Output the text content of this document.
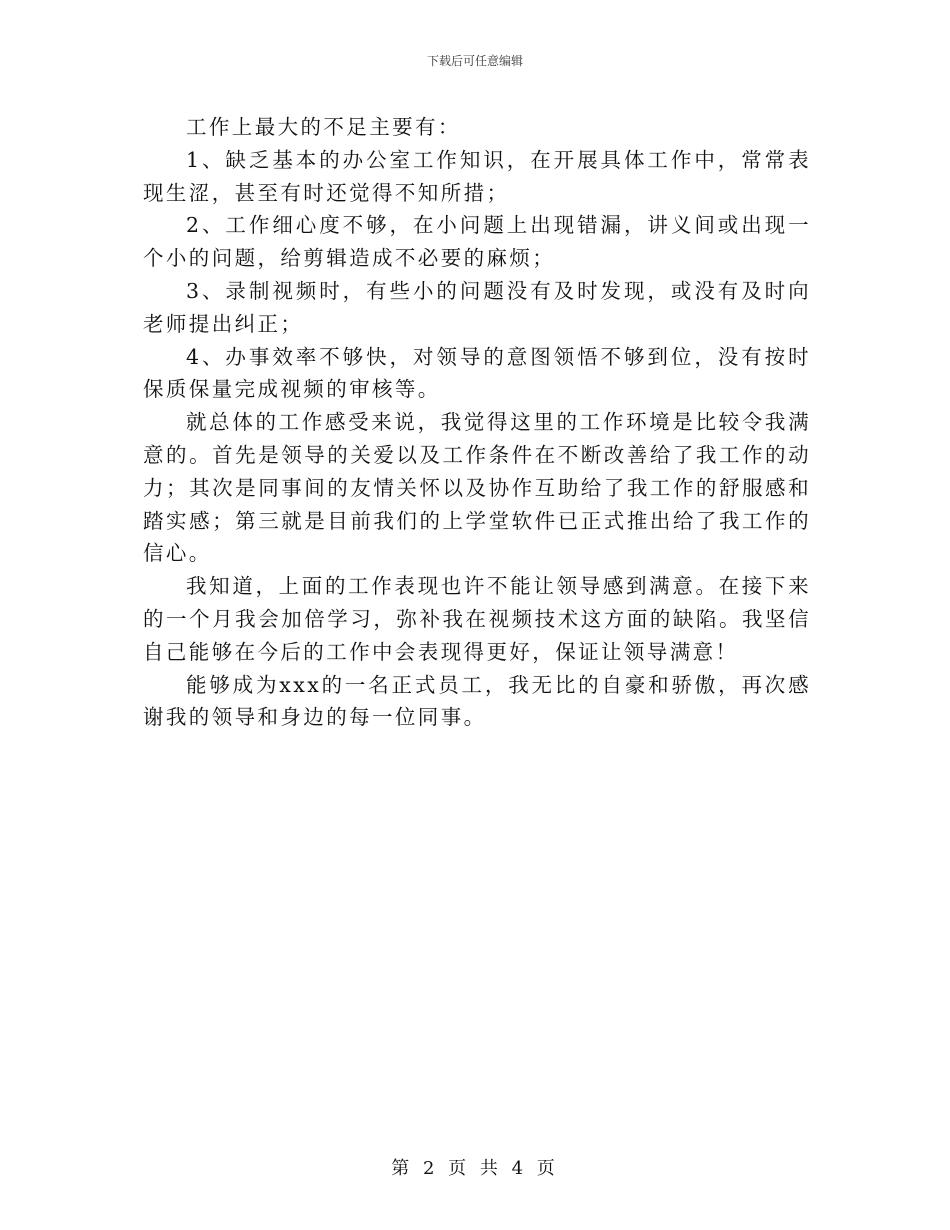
下载后可任意编辑

工作上最大的不足主要有：

1、缺乏基本的办公室工作知识，在开展具体工作中，常常表现生涩，甚至有时还觉得不知所措；

2、工作细心度不够，在小问题上出现错漏，讲义间或出现一个小的问题，给剪辑造成不必要的麻烦；

3、录制视频时，有些小的问题没有及时发现，或没有及时向老师提出纠正；

4、办事效率不够快，对领导的意图领悟不够到位，没有按时保质保量完成视频的审核等。

就总体的工作感受来说，我觉得这里的工作环境是比较令我满意的。首先是领导的关爱以及工作条件在不断改善给了我工作的动力；其次是同事间的友情关怀以及协作互助给了我工作的舒服感和踏实感；第三就是目前我们的上学堂软件已正式推出给了我工作的信心。

我知道，上面的工作表现也许不能让领导感到满意。在接下来的一个月我会加倍学习，弥补我在视频技术这方面的缺陷。我坚信自己能够在今后的工作中会表现得更好，保证让领导满意！

能够成为xxx的一名正式员工，我无比的自豪和骄傲，再次感谢我的领导和身边的每一位同事。

第 2 页 共 4 页
